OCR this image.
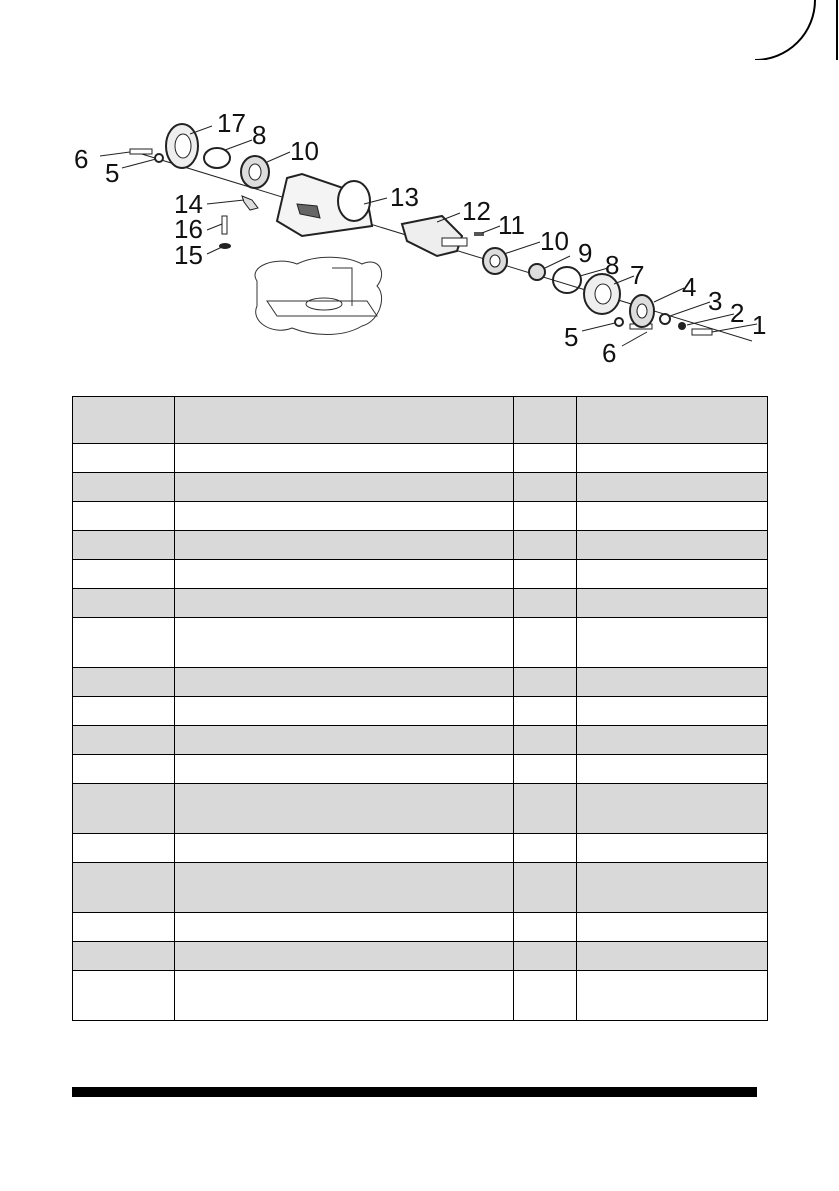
6 5
17 8
10
14
16
15
13 12 11
10 9 8 7 4 3 2 1
5
6
